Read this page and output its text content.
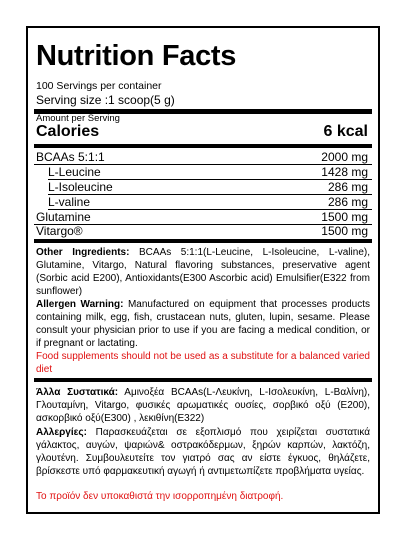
Nutrition Facts
100 Servings per container
Serving size :1 scoop(5 g)
Amount per Serving
Calories	6 kcal
BCAAs 5:1:1	2000 mg
L-Leucine	1428 mg
L-Isoleucine	286 mg
L-valine	286 mg
Glutamine	1500 mg
Vitargo®	1500 mg
Other Ingredients: BCAAs 5:1:1(L-Leucine, L-Isoleucine, L-valine), Glutamine, Vitargo, Natural flavoring substances, preservative agent (Sorbic acid E200), Antioxidants(E300 Ascorbic acid) Emulsifier(E322 from sunflower)
Allergen Warning: Manufactured on equipment that processes products containing milk, egg, fish, crustacean nuts, gluten, lupin, sesame. Please consult your physician prior to use if you are facing a medical condition, or if pregnant or lactating.
Food supplements should not be used as a substitute for a balanced varied diet
Άλλα Συστατικά: Αμινοξέα BCAAs(L-Λευκίνη, L-Ισολευκίνη, L-Βαλίνη), Γλουταμίνη, Vitargo, φυσικές αρωματικές ουσίες, σορβικό οξύ (E200), ασκορβικό οξύ(E300) , λεκιθίνη(E322)
Αλλεργίες: Παρασκευάζεται σε εξοπλισμό που χειρίζεται συστατικά γάλακτος, αυγών, ψαριών& οστρακόδερμων, ξηρών καρπών, λακτόζη, γλουτένη. Συμβουλευτείτε τον γιατρό σας αν είστε έγκυος, θηλάζετε, βρίσκεστε υπό φαρμακευτική αγωγή ή αντιμετωπίζετε προβλήματα υγείας.
Το προϊόν δεν υποκαθιστά την ισορροπημένη διατροφή.
